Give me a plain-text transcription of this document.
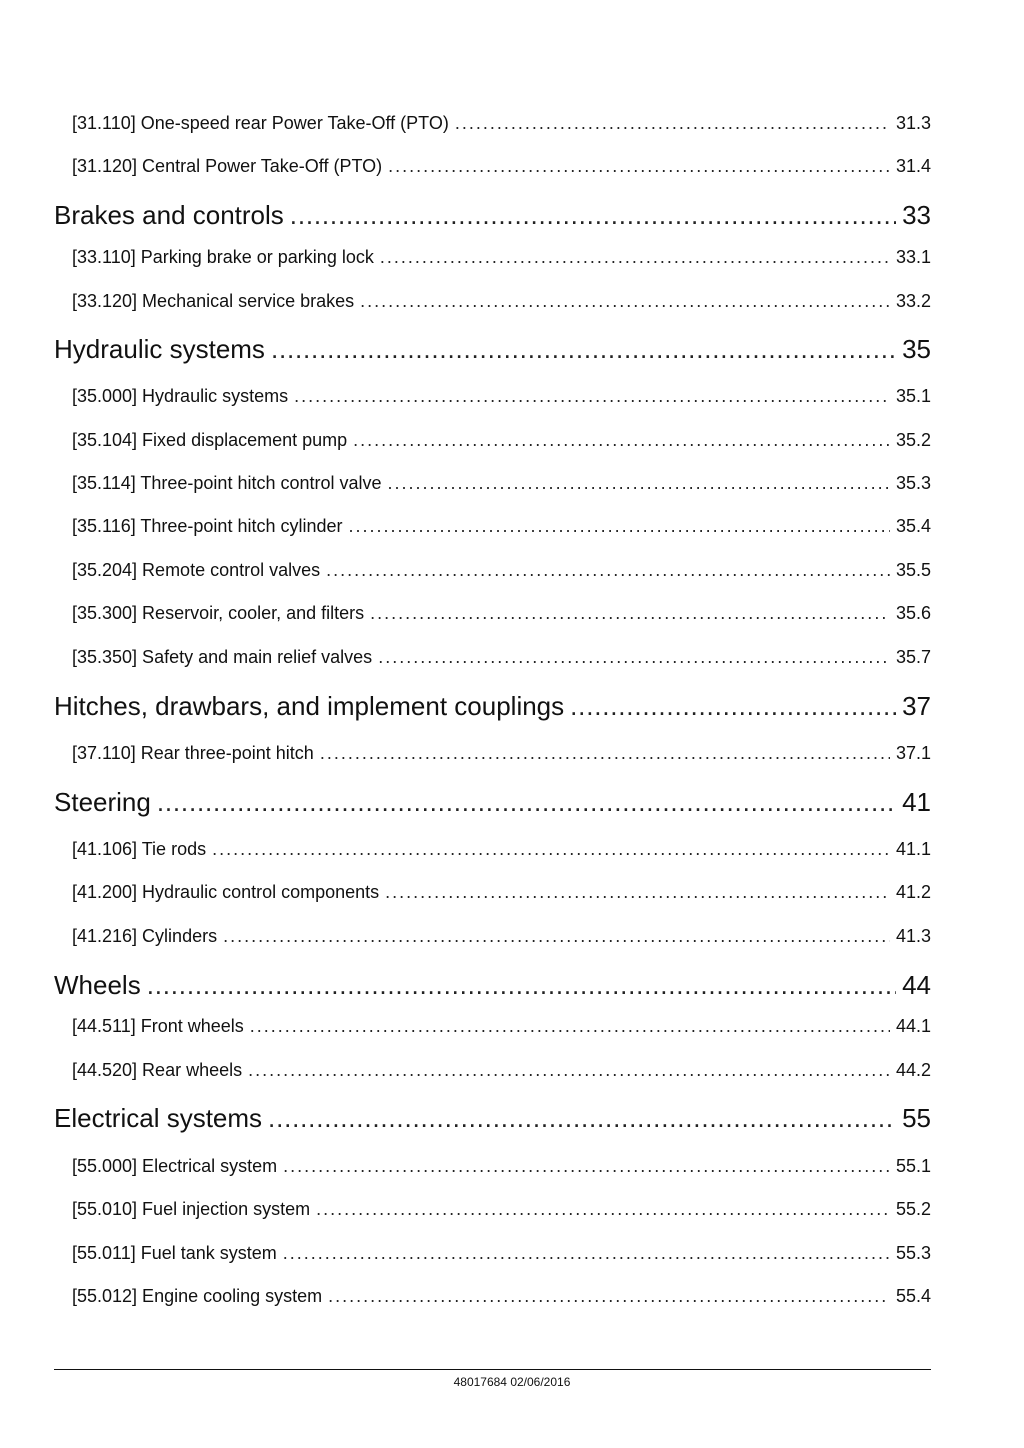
[31.110] One-speed rear Power Take-Off (PTO) . . .	31.3
[31.120] Central Power Take-Off (PTO) . . .	31.4
Brakes and controls .....	33
[33.110] Parking brake or parking lock . . .	33.1
[33.120] Mechanical service brakes . . .	33.2
Hydraulic systems .....	35
[35.000] Hydraulic systems . . .	35.1
[35.104] Fixed displacement pump . . .	35.2
[35.114] Three-point hitch control valve . . .	35.3
[35.116] Three-point hitch cylinder . . .	35.4
[35.204] Remote control valves . . .	35.5
[35.300] Reservoir, cooler, and filters . . .	35.6
[35.350] Safety and main relief valves . . .	35.7
Hitches, drawbars, and implement couplings .....	37
[37.110] Rear three-point hitch . . .	37.1
Steering .....	41
[41.106] Tie rods . . .	41.1
[41.200] Hydraulic control components . . .	41.2
[41.216] Cylinders . . .	41.3
Wheels .....	44
[44.511] Front wheels . . .	44.1
[44.520] Rear wheels . . .	44.2
Electrical systems .....	55
[55.000] Electrical system . . .	55.1
[55.010] Fuel injection system . . .	55.2
[55.011] Fuel tank system . . .	55.3
[55.012] Engine cooling system . . .	55.4
48017684 02/06/2016
